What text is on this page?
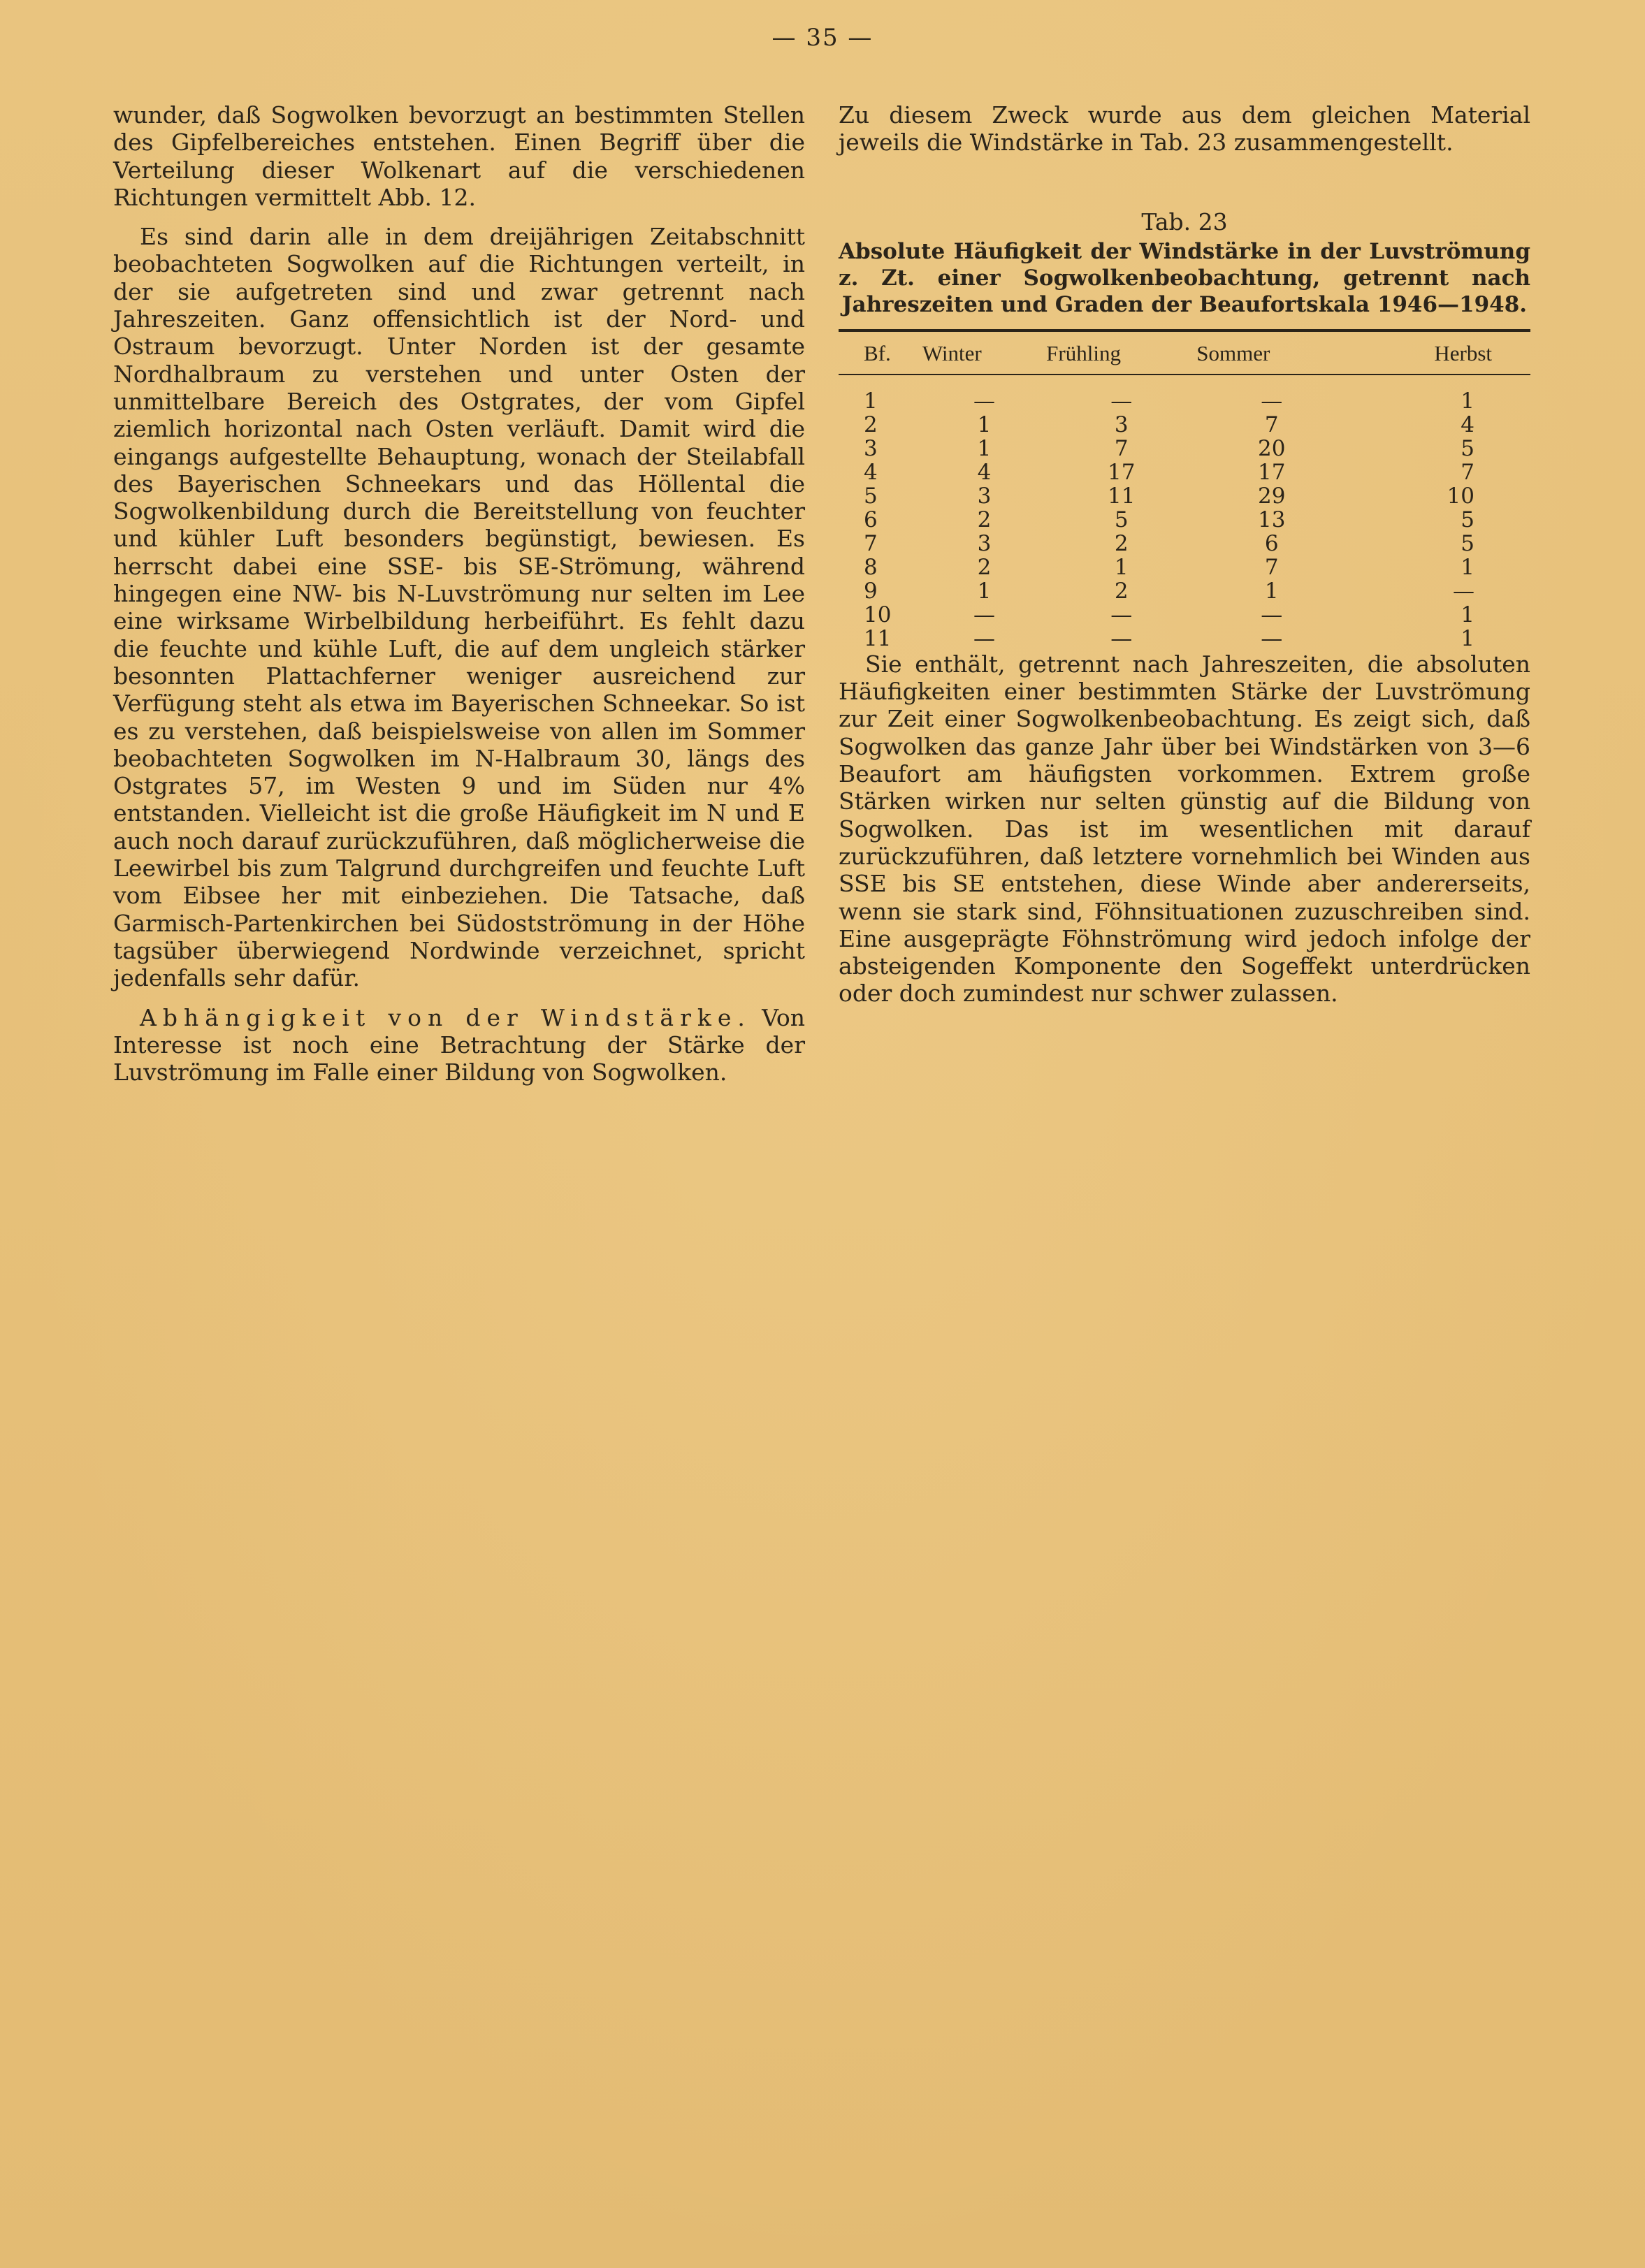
— 35 —

wunder, daß Sogwolken bevorzugt an bestimmten Stellen des Gipfelbereiches entstehen. Einen Begriff über die Verteilung dieser Wolkenart auf die verschiedenen Richtungen vermittelt Abb. 12.

Es sind darin alle in dem dreijährigen Zeitabschnitt beobachteten Sogwolken auf die Richtungen verteilt, in der sie aufgetreten sind und zwar getrennt nach Jahreszeiten. Ganz offensichtlich ist der Nord- und Ostraum bevorzugt. Unter Norden ist der gesamte Nordhalbraum zu verstehen und unter Osten der unmittelbare Bereich des Ostgrates, der vom Gipfel ziemlich horizontal nach Osten verläuft. Damit wird die eingangs aufgestellte Behauptung, wonach der Steilabfall des Bayerischen Schneekars und das Höllental die Sogwolkenbildung durch die Bereitstellung von feuchter und kühler Luft besonders begünstigt, bewiesen. Es herrscht dabei eine SSE- bis SE-Strömung, während hingegen eine NW- bis N-Luvströmung nur selten im Lee eine wirksame Wirbelbildung herbeiführt. Es fehlt dazu die feuchte und kühle Luft, die auf dem ungleich stärker besonnten Plattachferner weniger ausreichend zur Verfügung steht als etwa im Bayerischen Schneekar. So ist es zu verstehen, daß beispielsweise von allen im Sommer beobachteten Sogwolken im N-Halbraum 30, längs des Ostgrates 57, im Westen 9 und im Süden nur 4% entstanden. Vielleicht ist die große Häufigkeit im N und E auch noch darauf zurückzuführen, daß möglicherweise die Leewirbel bis zum Talgrund durchgreifen und feuchte Luft vom Eibsee her mit einbeziehen. Die Tatsache, daß Garmisch-Partenkirchen bei Südostströmung in der Höhe tagsüber überwiegend Nordwinde verzeichnet, spricht jedenfalls sehr dafür.

Abhängigkeit von der Windstärke. Von Interesse ist noch eine Betrachtung der Stärke der Luvströmung im Falle einer Bildung von Sogwolken.

Zu diesem Zweck wurde aus dem gleichen Material jeweils die Windstärke in Tab. 23 zusammengestellt.

Tab. 23
Absolute Häufigkeit der Windstärke in der Luvströmung z. Zt. einer Sogwolkenbeobachtung, getrennt nach Jahreszeiten und Graden der Beaufortskala 1946—1948.
Bf.	Winter	Frühling	Sommer	Herbst
1	—	—	—	1
2	1	3	7	4
3	1	7	20	5
4	4	17	17	7
5	3	11	29	10
6	2	5	13	5
7	3	2	6	5
8	2	1	7	1
9	1	2	1	—
10	—	—	—	1
11	—	—	—	1

Sie enthält, getrennt nach Jahreszeiten, die absoluten Häufigkeiten einer bestimmten Stärke der Luvströmung zur Zeit einer Sogwolkenbeobachtung. Es zeigt sich, daß Sogwolken das ganze Jahr über bei Windstärken von 3—6 Beaufort am häufigsten vorkommen. Extrem große Stärken wirken nur selten günstig auf die Bildung von Sogwolken. Das ist im wesentlichen mit darauf zurückzuführen, daß letztere vornehmlich bei Winden aus SSE bis SE entstehen, diese Winde aber andererseits, wenn sie stark sind, Föhnsituationen zuzuschreiben sind. Eine ausgeprägte Föhnströmung wird jedoch infolge der absteigenden Komponente den Sogeffekt unterdrücken oder doch zumindest nur schwer zulassen.
